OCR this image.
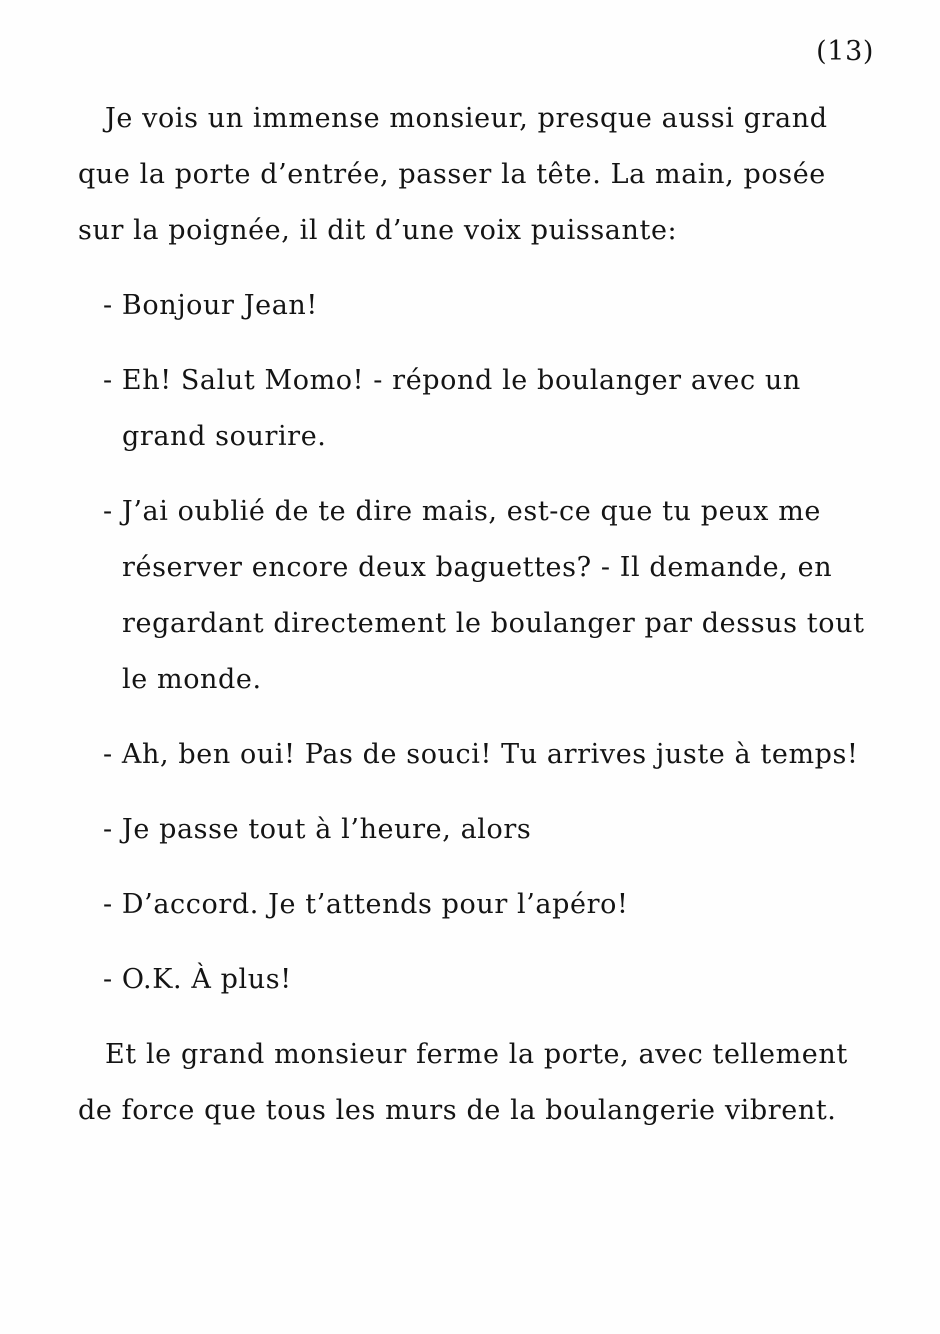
(13)

Je vois un immense monsieur, presque aussi grand que la porte d’entrée, passer la tête. La main, posée sur la poignée, il dit d’une voix puissante:

- Bonjour Jean!

- Eh! Salut Momo! - répond le boulanger avec un grand sourire.

- J’ai oublié de te dire mais, est-ce que tu peux me réserver encore deux baguettes? - Il demande, en regardant directement le boulanger par dessus tout le monde.

- Ah, ben oui! Pas de souci! Tu arrives juste à temps!

- Je passe tout à l’heure, alors

- D’accord. Je t’attends pour l’apéro!

- O.K. À plus!

Et le grand monsieur ferme la porte, avec tellement de force que tous les murs de la boulangerie vibrent.
